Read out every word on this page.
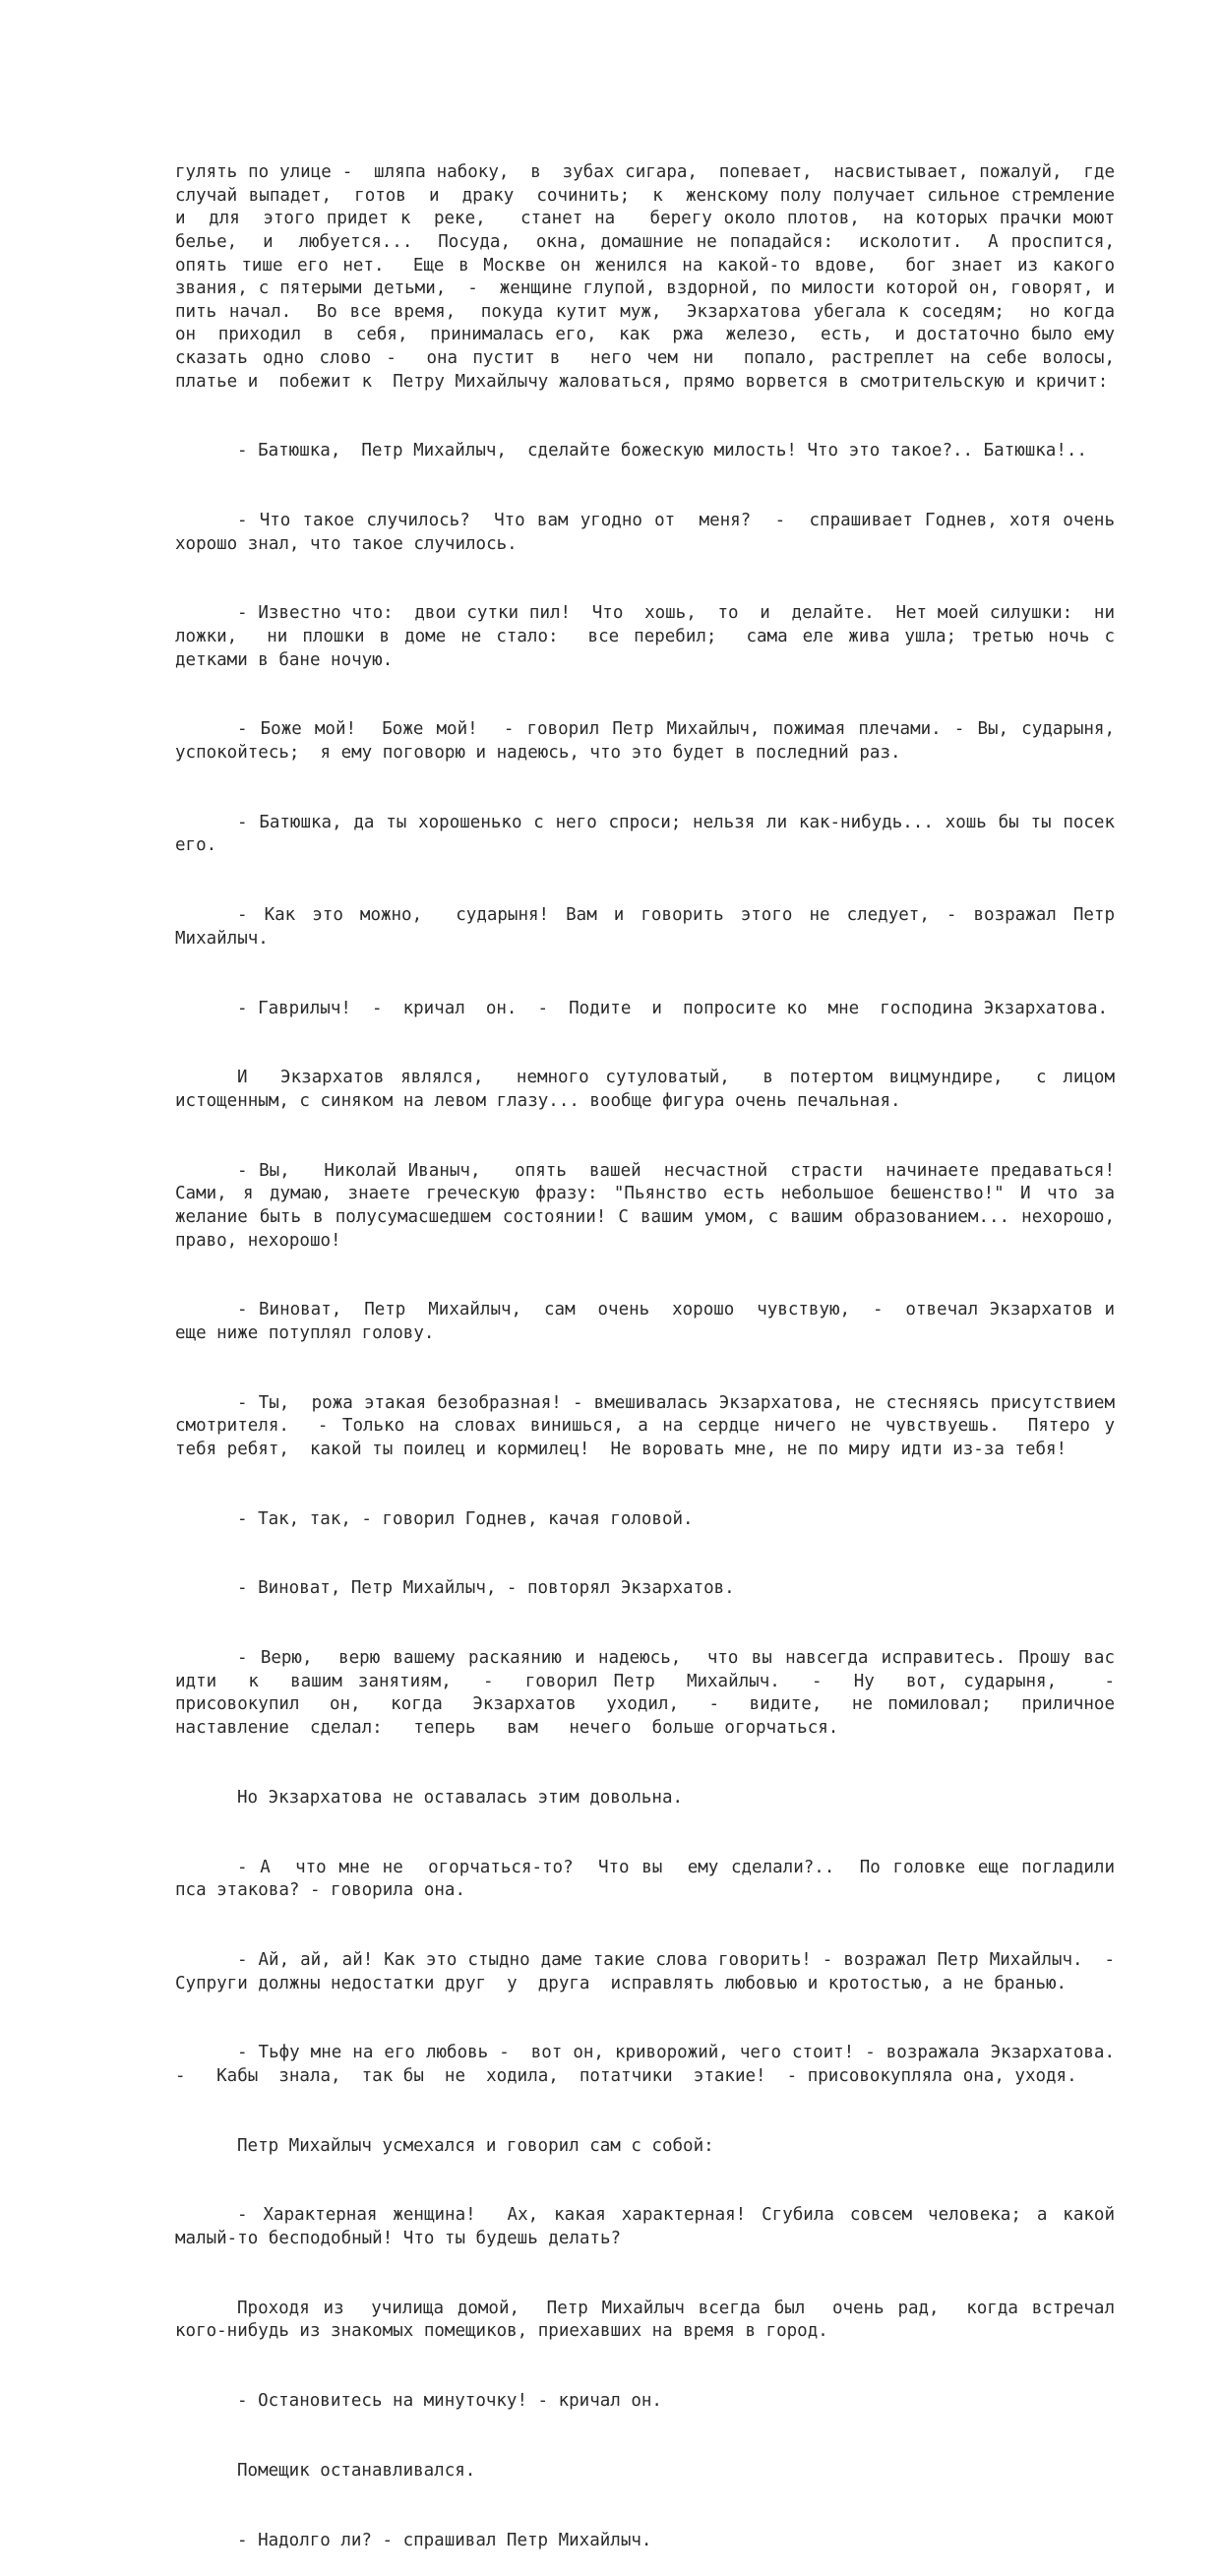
гулять по улице -  шляпа набоку,  в  зубах сигара,  попевает,  насвистывает, пожалуй,  где  случай выпадет,  готов  и  драку  сочинить;  к  женскому полу получает сильное стремление и  для  этого придет к  реке,   станет на   берегу около плотов,  на которых прачки моют белье,  и  любуется...  Посуда,  окна, домашние не попадайся:  исколотит.  А проспится,  опять тише его нет.  Еще в Москве он женился на какой-то вдове,  бог знает из какого звания, с пятерыми детьми,  -  женщине глупой, вздорной, по милости которой он, говорят, и пить начал.  Во все время,  покуда кутит муж,  Экзархатова убегала к соседям;  но когда  он  приходил  в  себя,  принималась его,  как  ржа  железо,  есть,  и достаточно было ему сказать одно слово -  она пустит в  него чем ни  попало, растреплет на себе волосы,  платье и  побежит к  Петру Михайлычу жаловаться, прямо ворвется в смотрительскую и кричит:

- Батюшка,  Петр Михайлыч,  сделайте божескую милость! Что это такое?.. Батюшка!..

- Что такое случилось?  Что вам угодно от  меня?  -  спрашивает Годнев, хотя очень хорошо знал, что такое случилось.

- Известно что:  двои сутки пил!  Что  хошь,  то  и  делайте.  Нет моей силушки:  ни ложки,  ни плошки в доме не стало:  все перебил;  сама еле жива ушла; третью ночь с детками в бане ночую.

- Боже мой!  Боже мой!  - говорил Петр Михайлыч, пожимая плечами. - Вы, сударыня,  успокойтесь;  я ему поговорю и надеюсь, что это будет в последний раз.

- Батюшка, да ты хорошенько с него спроси; нельзя ли как-нибудь... хошь бы ты посек его.

- Как это можно,  сударыня! Вам и говорить этого не следует, - возражал Петр Михайлыч.

- Гаврилыч!  -  кричал  он.  -  Подите  и  попросите ко  мне  господина Экзархатова.

И  Экзархатов являлся,  немного сутуловатый,  в потертом вицмундире,  с лицом истощенным, с синяком на левом глазу... вообще фигура очень печальная.

- Вы,   Николай Иваныч,   опять  вашей  несчастной  страсти  начинаете предаваться! Сами, я думаю, знаете греческую фразу: "Пьянство есть небольшое бешенство!" И что за желание быть в полусумасшедшем состоянии! С вашим умом, с вашим образованием... нехорошо, право, нехорошо!

- Виноват,  Петр  Михайлыч,  сам  очень  хорошо  чувствую,  -  отвечал Экзархатов и еще ниже потуплял голову.

- Ты,  рожа этакая безобразная! - вмешивалась Экзархатова, не стесняясь присутствием смотрителя.  - Только на словах винишься, а на сердце ничего не чувствуешь.  Пятеро у  тебя ребят,  какой ты поилец и кормилец!  Не воровать мне, не по миру идти из-за тебя!

- Так, так, - говорил Годнев, качая головой.

- Виноват, Петр Михайлыч, - повторял Экзархатов.

- Верю,  верю вашему раскаянию и надеюсь,  что вы навсегда исправитесь. Прошу вас  идти  к  вашим занятиям,  -  говорил Петр  Михайлыч.  -  Ну  вот, сударыня,   -  присовокупил  он,  когда  Экзархатов  уходил,  -  видите,  не помиловал;  приличное  наставление  сделал:   теперь   вам   нечего  больше огорчаться.

Но Экзархатова не оставалась этим довольна.

- А  что мне не  огорчаться-то?  Что вы  ему сделали?..  По головке еще погладили пса этакова? - говорила она.

- Ай, ай, ай! Как это стыдно даме такие слова говорить! - возражал Петр Михайлыч.  -  Супруги должны недостатки друг  у  друга  исправлять любовью и кротостью, а не бранью.

- Тьфу мне на его любовь -  вот он, криворожий, чего стоит! - возражала Экзархатова.   -   Кабы  знала,  так бы  не  ходила,  потатчики  этакие!  - присовокупляла она, уходя.

Петр Михайлыч усмехался и говорил сам с собой:

- Характерная женщина!  Ах, какая характерная! Сгубила совсем человека; а какой малый-то бесподобный! Что ты будешь делать?

Проходя из  училища домой,  Петр Михайлыч всегда был  очень рад,  когда встречал кого-нибудь из знакомых помещиков, приехавших на время в город.

- Остановитесь на минуточку! - кричал он.

Помещик останавливался.

- Надолго ли? - спрашивал Петр Михайлыч.
